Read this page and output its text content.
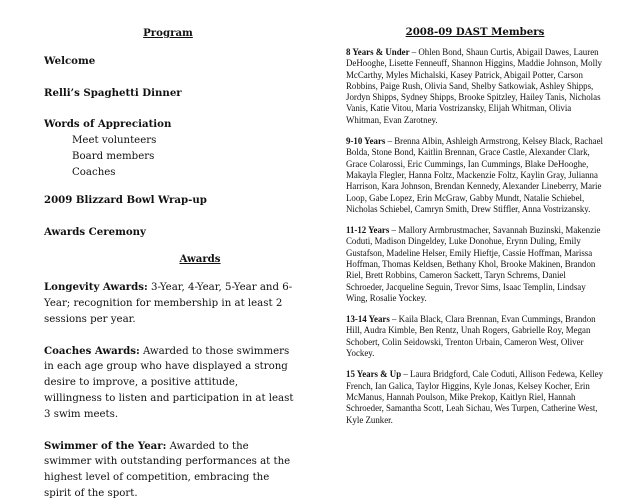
Program

Welcome

Relli’s Spaghetti Dinner

Words of Appreciation

Meet volunteers

Board members

Coaches

2009 Blizzard Bowl Wrap-up

Awards Ceremony

Awards

Longevity Awards: 3-Year, 4-Year, 5-Year and 6-Year; recognition for membership in at least 2 sessions per year.

Coaches Awards: Awarded to those swimmers in each age group who have displayed a strong desire to improve, a positive attitude, willingness to listen and participation in at least 3 swim meets.

Swimmer of the Year: Awarded to the swimmer with outstanding performances at the highest level of competition, embracing the spirit of the sport.

2008-09 DAST Members

8 Years & Under – Ohlen Bond, Shaun Curtis, Abigail Dawes, Lauren DeHooghe, Lisette Fenneuff, Shannon Higgins, Maddie Johnson, Molly McCarthy, Myles Michalski, Kasey Patrick, Abigail Potter, Carson Robbins, Paige Rush, Olivia Sand, Shelby Satkowiak, Ashley Shipps, Jordyn Shipps, Sydney Shipps, Brooke Spitzley, Hailey Tanis, Nicholas Vanis, Katie Vitou, Maria Vostrizansky, Elijah Whitman, Olivia Whitman, Evan Zarotney.

9-10 Years – Brenna Albin, Ashleigh Armstrong, Kelsey Black, Rachael Bolda, Stone Bond, Kaitlin Brennan, Grace Castle, Alexander Clark, Grace Colarossi, Eric Cummings, Ian Cummings, Blake DeHooghe, Makayla Flegler, Hanna Foltz, Mackenzie Foltz, Kaylin Gray, Julianna Harrison, Kara Johnson, Brendan Kennedy, Alexander Lineberry, Marie Loop, Gabe Lopez, Erin McGraw, Gabby Mundt, Natalie Schiebel, Nicholas Schiebel, Camryn Smith, Drew Stiffler, Anna Vostrizansky.

11-12 Years – Mallory Armbrustmacher, Savannah Buzinski, Makenzie Coduti, Madison Dingeldey, Luke Donohue, Erynn Duling, Emily Gustafson, Madeline Helser, Emily Hieftje, Cassie Hoffman, Marissa Hoffman, Thomas Keldsen, Bethany Khol, Brooke Makinen, Brandon Riel, Brett Robbins, Cameron Sackett, Taryn Schrems, Daniel Schroeder, Jacqueline Seguin, Trevor Sims, Isaac Templin, Lindsay Wing, Rosalie Yockey.

13-14 Years – Kaila Black, Clara Brennan, Evan Cummings, Brandon Hill, Audra Kimble, Ben Rentz, Unah Rogers, Gabrielle Roy, Megan Schobert, Colin Seidowski, Trenton Urbain, Cameron West, Oliver Yockey.

15 Years & Up – Laura Bridgford, Cale Coduti, Allison Fedewa, Kelley French, Ian Galica, Taylor Higgins, Kyle Jonas, Kelsey Kocher, Erin McManus, Hannah Poulson, Mike Prekop, Kaitlyn Riel, Hannah Schroeder, Samantha Scott, Leah Sichau, Wes Turpen, Catherine West, Kyle Zunker.
